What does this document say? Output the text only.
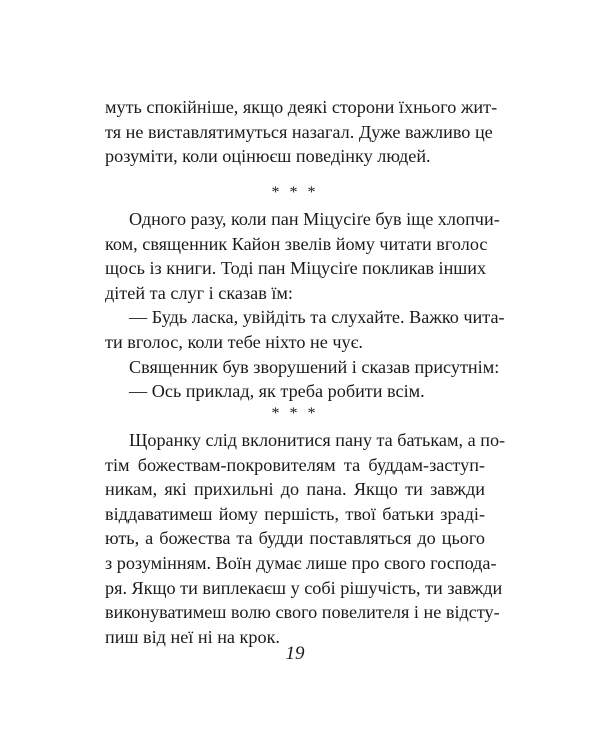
муть спокійніше, якщо деякі сторони їхнього жит-
тя не виставлятимуться назагал. Дуже важливо це
розуміти, коли оцінюєш поведінку людей.
* * *
Одного разу, коли пан Міцусіґе був іще хлопчи-
ком, священник Кайон звелів йому читати вголос
щось із книги. Тоді пан Міцусіґе покликав інших
дітей та слуг і сказав їм:
— Будь ласка, увійдіть та слухайте. Важко чита-
ти вголос, коли тебе ніхто не чує.
Священник був зворушений і сказав присутнім:
— Ось приклад, як треба робити всім.
* * *
Щоранку слід вклонитися пану та батькам, а по-
тім божествам-покровителям та буддам-заступ-
никам, які прихильні до пана. Якщо ти завжди
віддаватимеш йому першість, твої батьки зраді-
ють, а божества та будди поставляться до цього
з розумінням. Воїн думає лише про свого господа-
ря. Якщо ти виплекаєш у собі рішучість, ти завжди
виконуватимеш волю свого повелителя і не відсту-
пиш від неї ні на крок.
19
